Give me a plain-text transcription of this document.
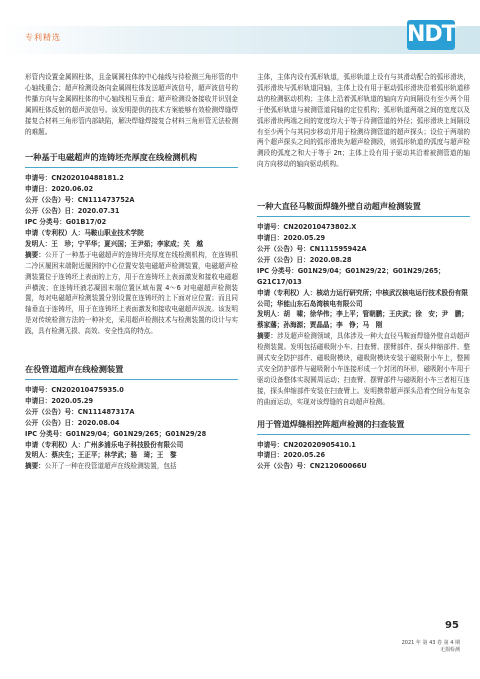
专利精选	NDT

形管内设置金属圆柱体，且金属圆柱体的中心轴线与待检测三角形管的中心轴线重合；超声检测设备向金属圆柱体发送超声波信号，超声波信号的传播方向与金属圆柱体的中心轴线相互垂直；超声检测设备接收并识别金属圆柱体反射的超声波信号。该发明提供的技术方案能够有效检测焊缝焊接复合材料三角形管内部缺陷，解决焊缝焊接复合材料三角形管无法检测的难题。

一种基于电磁超声的连铸坯壳厚度在线检测机构

申请号：CN202010488181.2

申请日：2020.06.02

公开（公告）号：CN111473752A

公开（公告）日：2020.07.31

IPC 分类号：G01B17/02

申请（专利权）人：马鞍山职业技术学院

发明人：王　珍；宁平华；夏兴国；王尹茹；李家成；关　越

摘要：公开了一种基于电磁超声的连铸坯壳厚度在线检测机构，在连铸机二冷区履困末端附近履困的中心位置安装电磁超声检测装置，电磁超声检测装置位于连铸坯上表面的上方，用于在连铸坯上表面激发和接收电磁超声横波；在连铸坯液芯凝固末端位置区域布置 4～6 对电磁超声检测装置，每对电磁超声检测装置分别设置在连铸坯的上下面对应位置；而且同轴垂直于连铸坯，用于在连铸坯上表面激发和接收电磁超声纵波。该发明是对传统检测方法的一种补充，采用超声检测技术与检测装置的设计与实践，具有检测无损、高效、安全性高的特点。

在役管道超声在线检测装置

申请号：CN202010475935.0

申请日：2020.05.29

公开（公告）号：CN111487317A

公开（公告）日：2020.08.04

IPC 分类号：G01N29/04；G01N29/265；G01N29/28

申请（专利权）人：广州多浦乐电子科技股份有限公司

发明人：蔡庆生；王正平；林学武；骆　琦；王　黎

摘要：公开了一种在役管道超声在线检测装置，包括

主体，主体内设有弧形轨道，弧形轨道上设有与其滑动配合的弧形滑块，弧形滑块与弧形轨道同轴，主体上设有用于驱动弧形滑块沿着弧形轨道移动的检测驱动机构；主体上沿着弧形轨道的轴向方向间隔设有至少两个用于使弧形轨道与被测管道同轴的定位机构；弧形轨道两端之间的宽度以及弧形滑块两端之间的宽度均大于等于待测管道的外径；弧形滑块上间隔设有至少两个与其同步移动并用于检测待测管道的超声探头；设位于两端的两个超声探头之间的弧形滑块为超声检测段，则弧形轨道的弧度与超声检测段的弧度之和大于等于 2π；主体上设有用于驱动其沿着被测管道的轴向方向移动的轴向驱动机构。

一种大直径马鞍面焊缝外壁自动超声检测装置

申请号：CN202010473802.X

申请日：2020.05.29

公开（公告）号：CN111595942A

公开（公告）日：2020.08.28

IPC 分类号：G01N29/04；G01N29/22；G01N29/265；G21C17/013

申请（专利权）人：核动力运行研究所；中核武汉核电运行技术股份有限公司；华能山东石岛湾核电有限公司

发明人：胡　啸；徐华伟；李上平；管朝鹏；王庆武；徐　安；尹　鹏；蔡家藩；孙海源；贾晶晶；李　铮；马　刚

摘要：涉及超声检测领域，具体涉及一种大直径马鞍面焊缝外壁自动超声检测装置。发明包括磁吸附小车、扫查臂、摆臂部件、探头伸缩部件、整圆式安全防护部件、磁吸附模块，磁吸附模块安装于磁吸附小车上，整圆式安全防护部件与磁吸附小车连接形成一个封闭的环形，磁吸附小车用于驱动设备整体实现圆周运动；扫查臂、摆臂部件与磁吸附小车三者相互连接，探头伸缩部件安装在扫查臂上。发明携带超声探头沿着空间分布复杂的曲面运动，实现对该焊缝的自动超声检测。

用于管道焊缝相控阵超声检测的扫查装置

申请号：CN202020905410.1

申请日：2020.05.26

公开（公告）号：CN212060066U

95
2021 年 第 43 卷 第 4 期
无损检测
